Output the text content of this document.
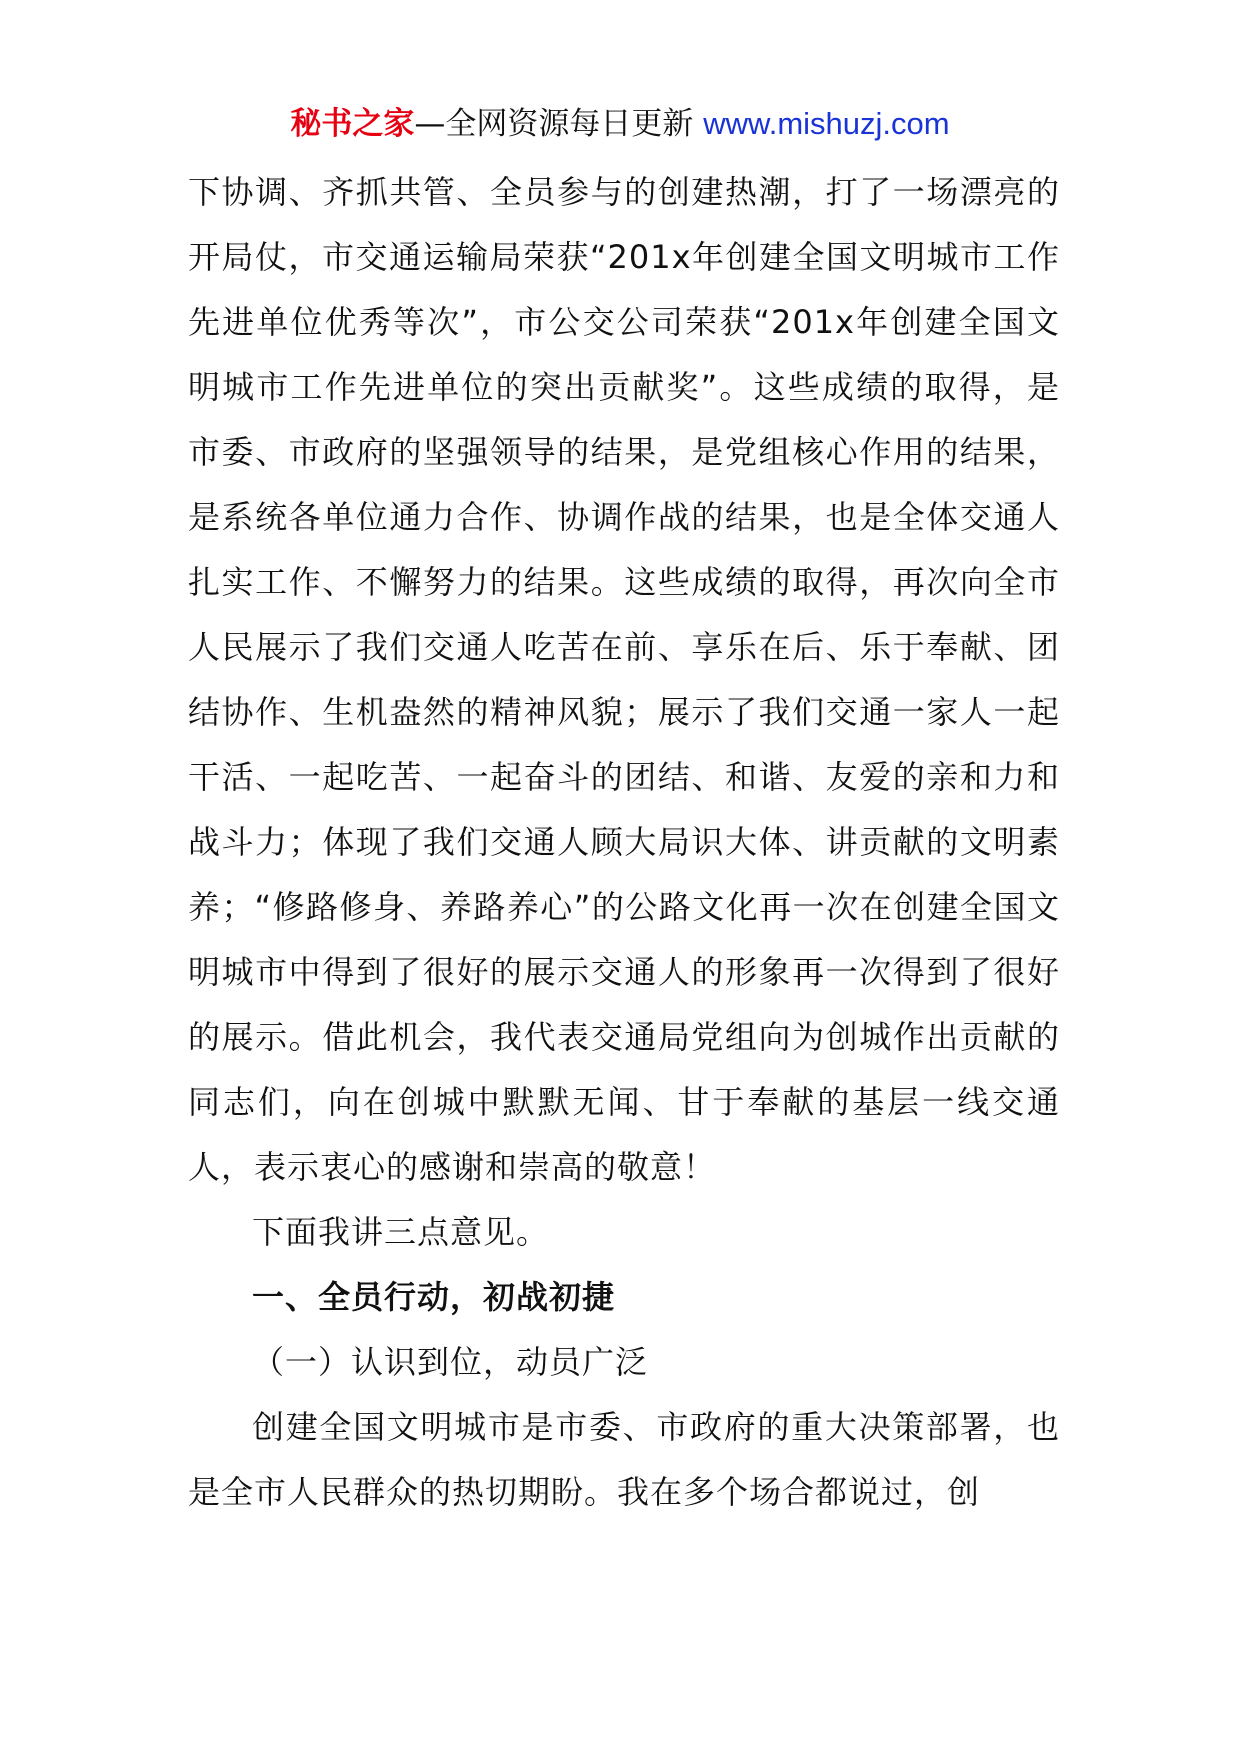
秘书之家—全网资源每日更新 www.mishuzj.com

下协调、齐抓共管、全员参与的创建热潮，打了一场漂亮的开局仗，市交通运输局荣获“201x年创建全国文明城市工作先进单位优秀等次”，市公交公司荣获“201x年创建全国文明城市工作先进单位的突出贡献奖”。这些成绩的取得，是市委、市政府的坚强领导的结果，是党组核心作用的结果，是系统各单位通力合作、协调作战的结果，也是全体交通人扎实工作、不懈努力的结果。这些成绩的取得，再次向全市人民展示了我们交通人吃苦在前、享乐在后、乐于奉献、团结协作、生机盎然的精神风貌；展示了我们交通一家人一起干活、一起吃苦、一起奋斗的团结、和谐、友爱的亲和力和战斗力；体现了我们交通人顾大局识大体、讲贡献的文明素养；“修路修身、养路养心”的公路文化再一次在创建全国文明城市中得到了很好的展示交通人的形象再一次得到了很好的展示。借此机会，我代表交通局党组向为创城作出贡献的同志们，向在创城中默默无闻、甘于奉献的基层一线交通人，表示衷心的感谢和崇高的敬意！

下面我讲三点意见。

一、全员行动，初战初捷

（一）认识到位，动员广泛

创建全国文明城市是市委、市政府的重大决策部署，也是全市人民群众的热切期盼。我在多个场合都说过，创
